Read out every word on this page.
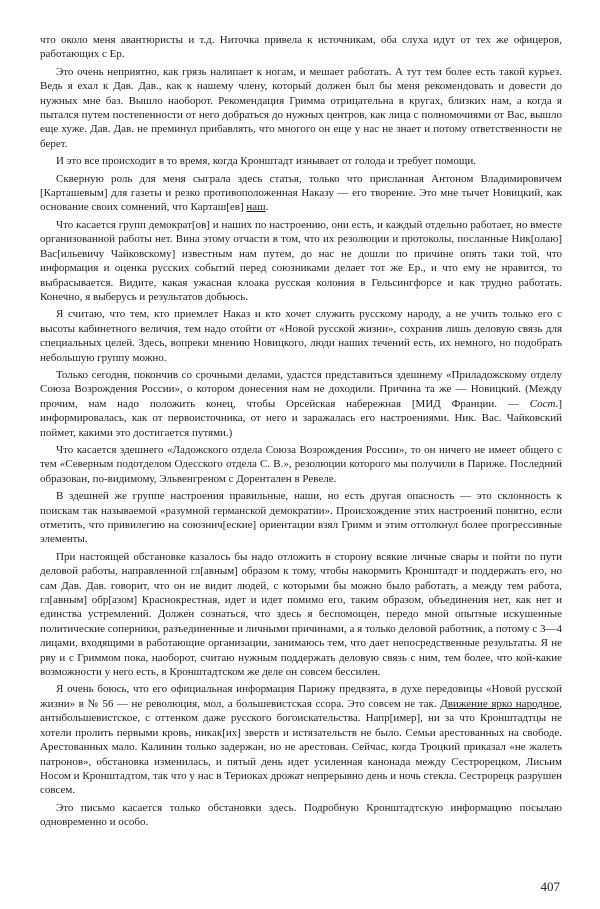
что около меня авантюристы и т.д. Ниточка привела к источникам, оба слуха идут от тех же офицеров, работающих с Ер.

Это очень неприятно, как грязь налипает к ногам, и мешает работать. А тут тем более есть такой курьез. Ведь я ехал к Дав. Дав., как к нашему члену, который должен был бы меня рекомендовать и довести до нужных мне баз. Вышло наоборот. Рекомендация Гримма отрицательна в кругах, близких нам, а когда я пытался путем постепенности от него добраться до нужных центров, как лица с полномочиями от Вас, вышло еще хуже. Дав. Дав. не преминул прибавлять, что многого он еще у нас не знает и потому ответственности не берет.

И это все происходит в то время, когда Кронштадт изнывает от голода и требует помощи.

Скверную роль для меня сыграла здесь статья, только что присланная Антоном Владимировичем [Карташевым] для газеты и резко противоположенная Наказу — его творение. Это мне тычет Новицкий, как основание своих сомнений, что Карташ[ев] наш.

Что касается групп демократ[ов] и наших по настроению, они есть, и каждый отдельно работает, но вместе организованной работы нет. Вина этому отчасти в том, что их резолюции и протоколы, посланные Ник[олаю] Вас[ильевичу Чайковскому] известным нам путем, до нас не дошли по причине опять таки той, что информация и оценка русских событий перед союзниками делает тот же Ер., и что ему не нравится, то выбрасывается. Видите, какая ужасная клоака русская колония в Гельсингфорсе и как трудно работать. Конечно, я выберусь и результатов добьюсь.

Я считаю, что тем, кто приемлет Наказ и кто хочет служить русскому народу, а не учить только его с высоты кабинетного величия, тем надо отойти от «Новой русской жизни», сохранив лишь деловую связь для специальных целей. Здесь, вопреки мнению Новицкого, люди наших течений есть, их немного, но подобрать небольшую группу можно.

Только сегодня, покончив со срочными делами, удастся представиться здешнему «Приладожскому отделу Союза Возрождения России», о котором донесения нам не доходили. Причина та же — Новицкий. (Между прочим, нам надо положить конец, чтобы Орсейская набережная [МИД Франции. — Сост.] информировалась, как от первоисточника, от него и заражалась его настроениями. Ник. Вас. Чайковский поймет, какими это достигается путями.)

Что касается здешнего «Ладожского отдела Союза Возрождения России», то он ничего не имеет общего с тем «Северным подотделом Одесского отдела С. В.», резолюции которого мы получили в Париже. Последний образован, по-видимому, Эльвенгреном с Дорентален в Ревеле.

В здешней же группе настроения правильные, наши, но есть другая опасность — это склонность к поискам так называемой «разумной германской демократии». Происхождение этих настроений понятно, если отметить, что привилегию на союзнич[еские] ориентации взял Гримм и этим оттолкнул более прогрессивные элементы.

При настоящей обстановке казалось бы надо отложить в сторону всякие личные свары и пойти по пути деловой работы, направленной гл[авным] образом к тому, чтобы накормить Кронштадт и поддержать его, но сам Дав. Дав. говорит, что он не видит людей, с которыми бы можно было работать, а между тем работа, гл[авным] обр[азом] Краснокрестная, идет и идет помимо его, таким образом, объединения нет, как нет и единства устремлений. Должен сознаться, что здесь я беспомощен, передо мной опытные искушенные политические соперники, разъединенные и личными причинами, а я только деловой работник, а потому с 3—4 лицами, входящими в работающие организации, занимаюсь тем, что дает непосредственные результаты. Я не рву и с Гриммом пока, наоборот, считаю нужным поддержать деловую связь с ним, тем более, что кой-какие возможности у него есть, в Кронштадтском же деле он совсем бессилен.

Я очень боюсь, что его официальная информация Парижу предвзята, в духе передовицы «Новой русской жизни» в № 56 — не революция, мол, а большевистская ссора. Это совсем не так. Движение ярко народное, антибольшевистское, с оттенком даже русского богоискательства. Напр[имер], ни за что Кронштадтцы не хотели пролить первыми кровь, никак[их] зверств и истязательств не было. Семьи арестованных на свободе. Арестованных мало. Калинин только задержан, но не арестован. Сейчас, когда Троцкий приказал «не жалеть патронов», обстановка изменилась, и пятый день идет усиленная канонада между Сестрорецком, Лисьим Носом и Кронштадтом, так что у нас в Териоках дрожат непрерывно день и ночь стекла. Сестрорецк разрушен совсем.

Это письмо касается только обстановки здесь. Подробную Кронштадтскую информацию посылаю одновременно и особо.

407
